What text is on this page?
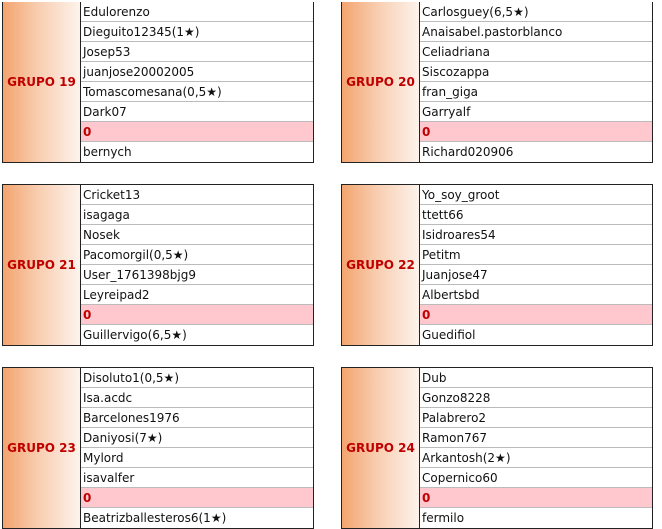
GRUPO 19
Edulorenzo
Dieguito12345(1★)
Josep53
juanjose20002005
Tomascomesana(0,5★)
Dark07
0
bernych
GRUPO 20
Carlosguey(6,5★)
Anaisabel.pastorblanco
Celiadriana
Siscozappa
fran_giga
Garryalf
0
Richard020906
GRUPO 21
Cricket13
isagaga
Nosek
Pacomorgil(0,5★)
User_1761398bjg9
Leyreipad2
0
Guillervigo(6,5★)
GRUPO 22
Yo_soy_groot
ttett66
Isidroares54
Petitm
Juanjose47
Albertsbd
0
Guedifiol
GRUPO 23
Disoluto1(0,5★)
Isa.acdc
Barcelones1976
Daniyosi(7★)
Mylord
isavalfer
0
Beatrizballesteros6(1★)
GRUPO 24
Dub
Gonzo8228
Palabrero2
Ramon767
Arkantosh(2★)
Copernico60
0
fermilo
